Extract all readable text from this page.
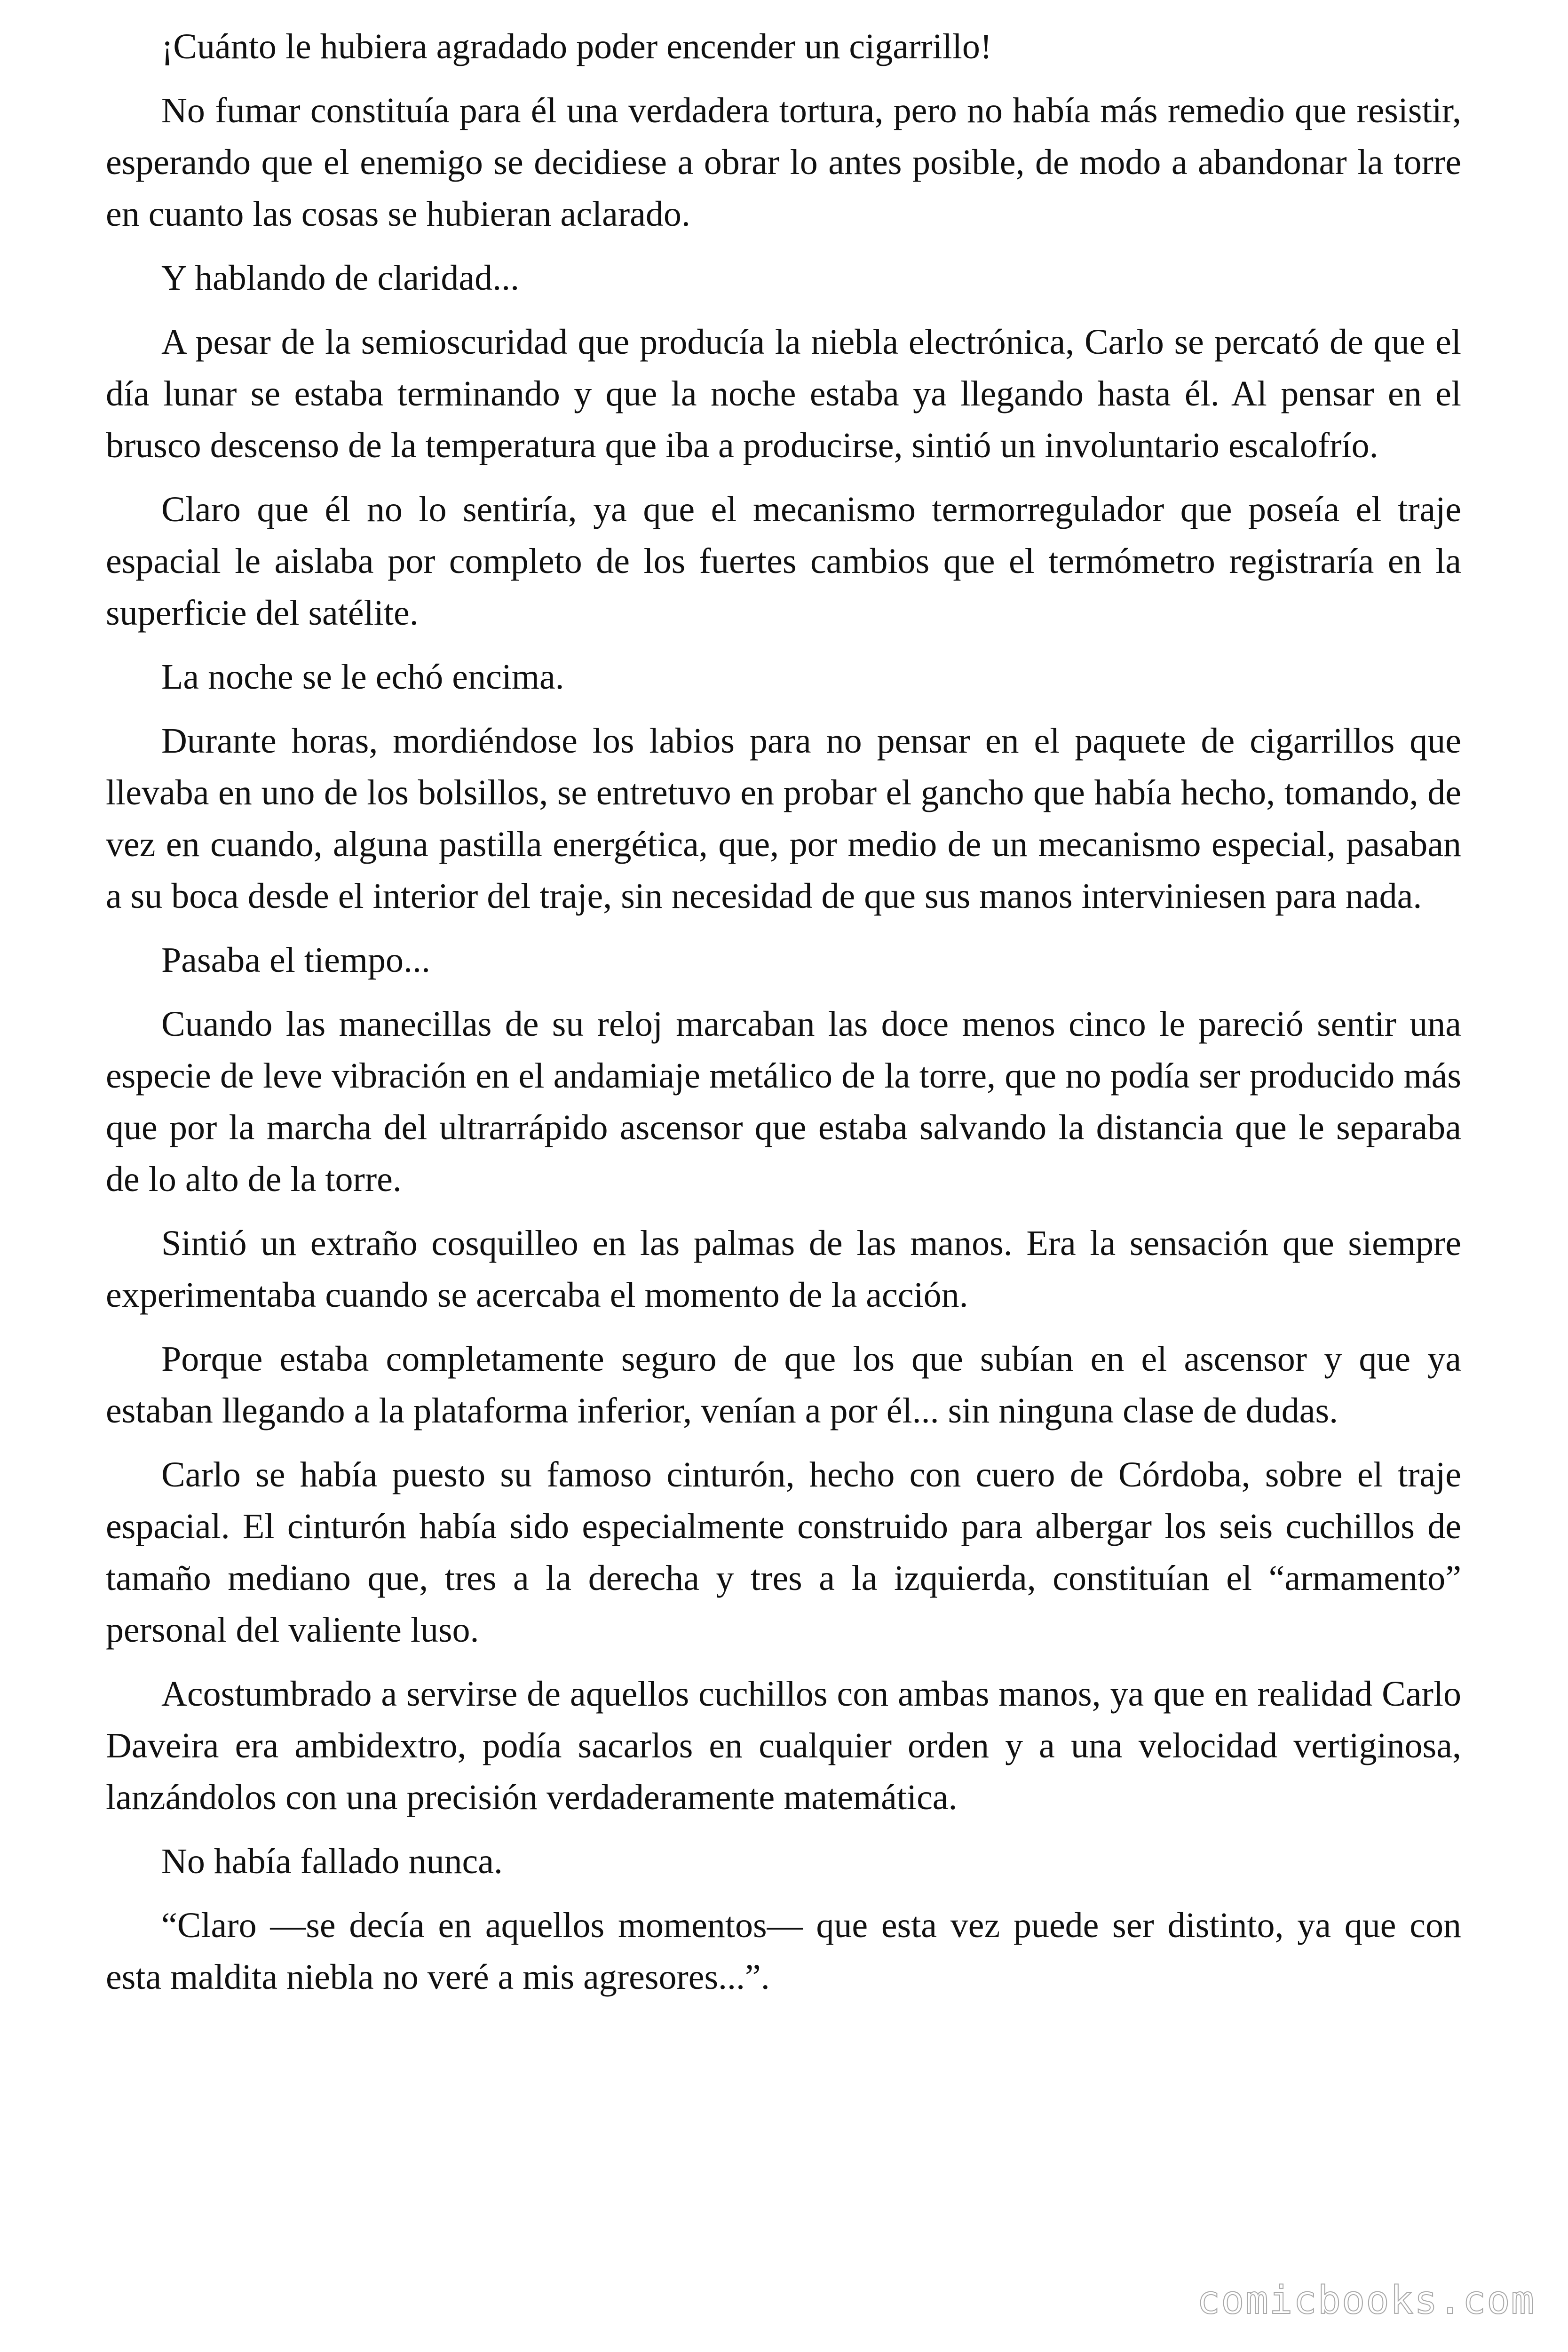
¡Cuánto le hubiera agradado poder encender un cigarrillo!

No fumar constituía para él una verdadera tortura, pero no había más remedio que resistir, esperando que el enemigo se decidiese a obrar lo antes posible, de modo a abandonar la torre en cuanto las cosas se hubieran aclarado.

Y hablando de claridad...

A pesar de la semioscuridad que producía la niebla electrónica, Carlo se percató de que el día lunar se estaba terminando y que la noche estaba ya llegando hasta él. Al pensar en el brusco descenso de la temperatura que iba a producirse, sintió un involuntario escalofrío.

Claro que él no lo sentiría, ya que el mecanismo termorregulador que poseía el traje espacial le aislaba por completo de los fuertes cambios que el termómetro registraría en la superficie del satélite.

La noche se le echó encima.

Durante horas, mordiéndose los labios para no pensar en el paquete de cigarrillos que llevaba en uno de los bolsillos, se entretuvo en probar el gancho que había hecho, tomando, de vez en cuando, alguna pastilla energética, que, por medio de un mecanismo especial, pasaban a su boca desde el interior del traje, sin necesidad de que sus manos interviniesen para nada.

Pasaba el tiempo...

Cuando las manecillas de su reloj marcaban las doce menos cinco le pareció sentir una especie de leve vibración en el andamiaje metálico de la torre, que no podía ser producido más que por la marcha del ultrarrápido ascensor que estaba salvando la distancia que le separaba de lo alto de la torre.

Sintió un extraño cosquilleo en las palmas de las manos. Era la sensación que siempre experimentaba cuando se acercaba el momento de la acción.

Porque estaba completamente seguro de que los que subían en el ascensor y que ya estaban llegando a la plataforma inferior, venían a por él... sin ninguna clase de dudas.

Carlo se había puesto su famoso cinturón, hecho con cuero de Córdoba, sobre el traje espacial. El cinturón había sido especialmente construido para albergar los seis cuchillos de tamaño mediano que, tres a la derecha y tres a la izquierda, constituían el “armamento” personal del valiente luso.

Acostumbrado a servirse de aquellos cuchillos con ambas manos, ya que en realidad Carlo Daveira era ambidextro, podía sacarlos en cualquier orden y a una velocidad vertiginosa, lanzándolos con una precisión verdaderamente matemática.

No había fallado nunca.

“Claro —se decía en aquellos momentos— que esta vez puede ser distinto, ya que con esta maldita niebla no veré a mis agresores...”.

comicbooks.com
